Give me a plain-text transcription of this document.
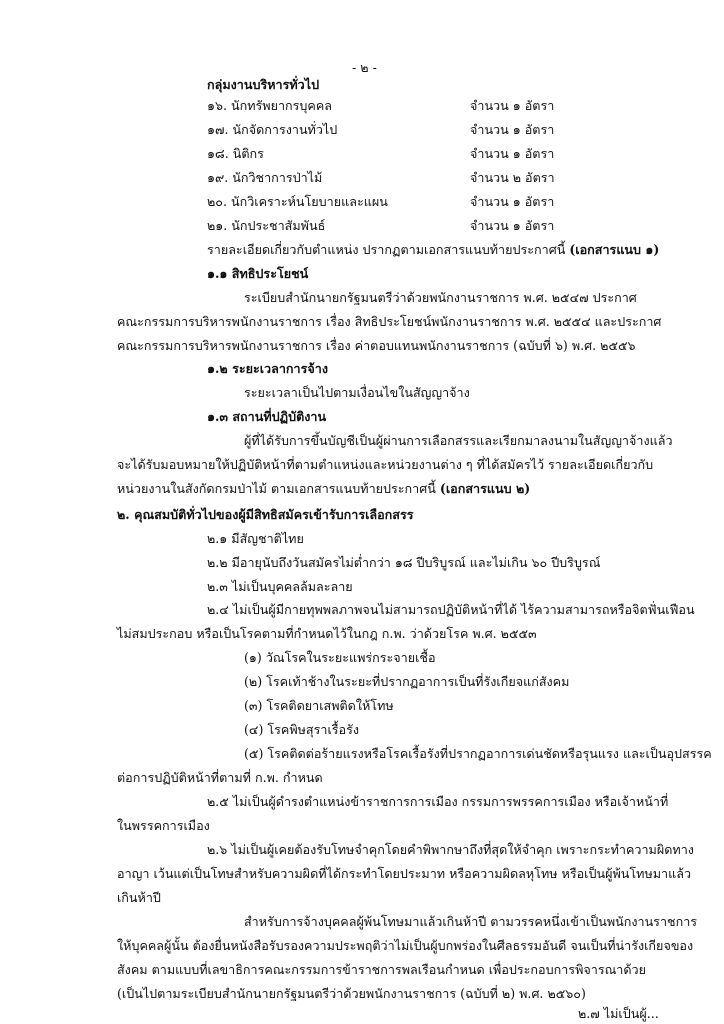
- ๒ -
กลุ่มงานบริหารทั่วไป
๑๖. นักทรัพยากรบุคคล	จำนวน ๑ อัตรา
๑๗. นักจัดการงานทั่วไป	จำนวน ๑ อัตรา
๑๘. นิติกร	จำนวน ๑ อัตรา
๑๙. นักวิชาการป่าไม้	จำนวน ๒ อัตรา
๒๐. นักวิเคราะห์นโยบายและแผน	จำนวน ๑ อัตรา
๒๑. นักประชาสัมพันธ์	จำนวน ๑ อัตรา
รายละเอียดเกี่ยวกับตำแหน่ง ปรากฏตามเอกสารแนบท้ายประกาศนี้ (เอกสารแนบ ๑)
๑.๑ สิทธิประโยชน์
ระเบียบสำนักนายกรัฐมนตรีว่าด้วยพนักงานราชการ พ.ศ. ๒๕๔๗ ประกาศ
คณะกรรมการบริหารพนักงานราชการ เรื่อง สิทธิประโยชน์พนักงานราชการ พ.ศ. ๒๕๕๔ และประกาศ
คณะกรรมการบริหารพนักงานราชการ เรื่อง ค่าตอบแทนพนักงานราชการ (ฉบับที่ ๖) พ.ศ. ๒๕๕๖
๑.๒ ระยะเวลาการจ้าง
ระยะเวลาเป็นไปตามเงื่อนไขในสัญญาจ้าง
๑.๓ สถานที่ปฏิบัติงาน
ผู้ที่ได้รับการขึ้นบัญชีเป็นผู้ผ่านการเลือกสรรและเรียกมาลงนามในสัญญาจ้างแล้ว
จะได้รับมอบหมายให้ปฏิบัติหน้าที่ตามตำแหน่งและหน่วยงานต่าง ๆ ที่ได้สมัครไว้ รายละเอียดเกี่ยวกับ
หน่วยงานในสังกัดกรมป่าไม้ ตามเอกสารแนบท้ายประกาศนี้ (เอกสารแนบ ๒)
๒. คุณสมบัติทั่วไปของผู้มีสิทธิสมัครเข้ารับการเลือกสรร
๒.๑ มีสัญชาติไทย
๒.๒ มีอายุนับถึงวันสมัครไม่ต่ำกว่า ๑๘ ปีบริบูรณ์ และไม่เกิน ๖๐ ปีบริบูรณ์
๒.๓ ไม่เป็นบุคคลล้มละลาย
๒.๔ ไม่เป็นผู้มีกายทุพพลภาพจนไม่สามารถปฏิบัติหน้าที่ได้ ไร้ความสามารถหรือจิตฟั่นเฟือน
ไม่สมประกอบ หรือเป็นโรคตามที่กำหนดไว้ในกฎ ก.พ. ว่าด้วยโรค พ.ศ. ๒๕๕๓
(๑) วัณโรคในระยะแพร่กระจายเชื้อ
(๒) โรคเท้าช้างในระยะที่ปรากฏอาการเป็นที่รังเกียจแก่สังคม
(๓) โรคติดยาเสพติดให้โทษ
(๔) โรคพิษสุราเรื้อรัง
(๕) โรคติดต่อร้ายแรงหรือโรคเรื้อรังที่ปรากฏอาการเด่นชัดหรือรุนแรง และเป็นอุปสรรค
ต่อการปฏิบัติหน้าที่ตามที่ ก.พ. กำหนด
๒.๕ ไม่เป็นผู้ดำรงตำแหน่งข้าราชการการเมือง กรรมการพรรคการเมือง หรือเจ้าหน้าที่
ในพรรคการเมือง
๒.๖ ไม่เป็นผู้เคยต้องรับโทษจำคุกโดยคำพิพากษาถึงที่สุดให้จำคุก เพราะกระทำความผิดทาง
อาญา เว้นแต่เป็นโทษสำหรับความผิดที่ได้กระทำโดยประมาท หรือความผิดลหุโทษ หรือเป็นผู้พ้นโทษมาแล้ว
เกินห้าปี
สำหรับการจ้างบุคคลผู้พ้นโทษมาแล้วเกินห้าปี ตามวรรคหนึ่งเข้าเป็นพนักงานราชการ
ให้บุคคลผู้นั้น ต้องยื่นหนังสือรับรองความประพฤติว่าไม่เป็นผู้บกพร่องในศีลธรรมอันดี จนเป็นที่น่ารังเกียจของ
สังคม ตามแบบที่เลขาธิการคณะกรรมการข้าราชการพลเรือนกำหนด เพื่อประกอบการพิจารณาด้วย
(เป็นไปตามระเบียบสำนักนายกรัฐมนตรีว่าด้วยพนักงานราชการ (ฉบับที่ ๒) พ.ศ. ๒๕๖๐)
๒.๗ ไม่เป็นผู้...
